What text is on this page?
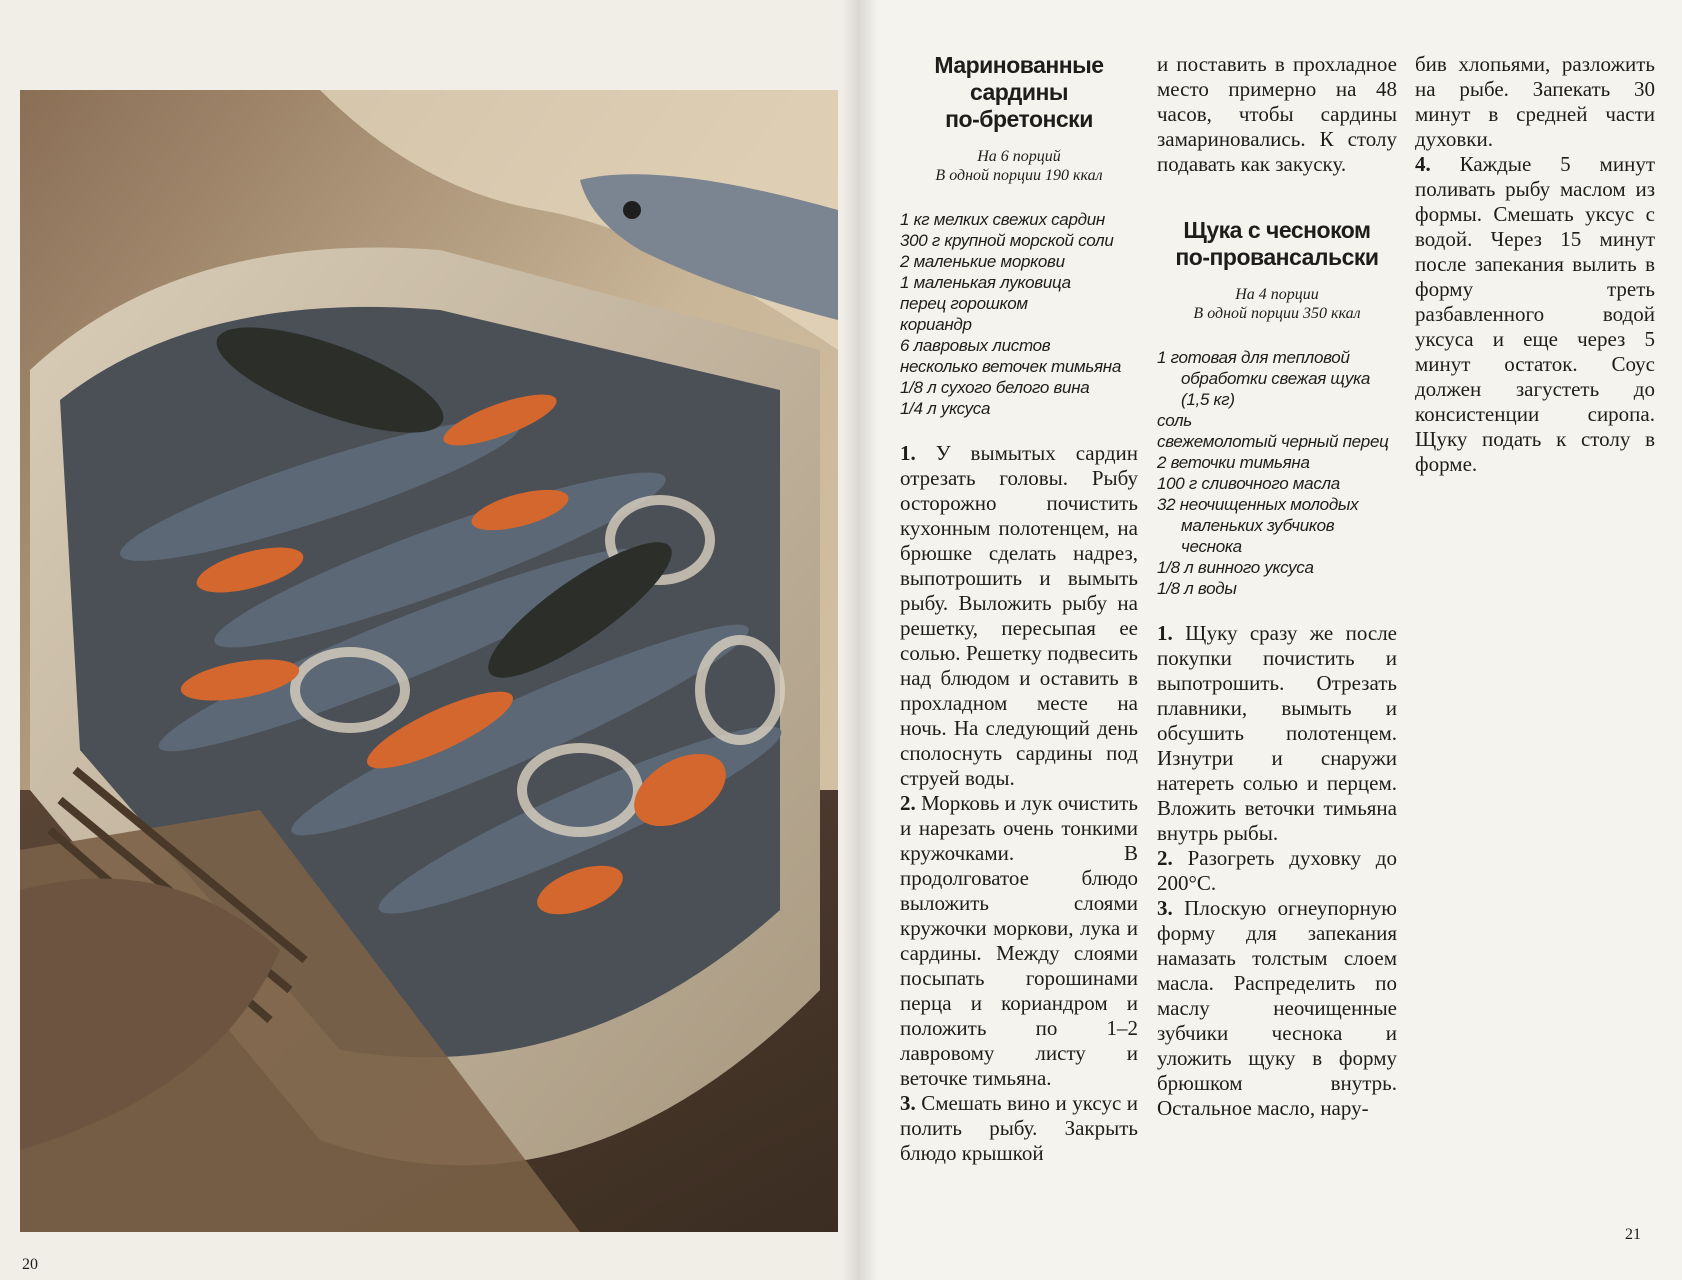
20
Маринованные
сардины
по-бретонски
На 6 порций
В одной порции 190 ккал
1 кг мелких свежих сардин
300 г крупной морской соли
2 маленькие моркови
1 маленькая луковица
перец горошком
кориандр
6 лавровых листов
несколько веточек тимьяна
1/8 л сухого белого вина
1/4 л уксуса

1. У вымытых сардин отрезать головы. Рыбу осторожно почистить кухонным полотенцем, на брюшке сделать надрез, выпотрошить и вымыть рыбу. Выложить рыбу на решетку, пересыпая ее солью. Решетку подвесить над блюдом и оставить в прохладном месте на ночь. На следующий день сполоснуть сардины под струей воды.

2. Морковь и лук очистить и нарезать очень тонкими кружочками. В продолговатое блюдо выложить слоями кружочки моркови, лука и сардины. Между слоями посыпать горошинами перца и кориандром и положить по 1–2 лавровому листу и веточке тимьяна.

3. Смешать вино и уксус и полить рыбу. Закрыть блюдо крышкой

и поставить в прохладное место примерно на 48 часов, чтобы сардины замариновались. К столу подавать как закуску.

Щука с чесноком
по-провансальски
На 4 порции
В одной порции 350 ккал
1 готовая для тепловой обработки свежая щука (1,5 кг)
соль
свежемолотый черный перец
2 веточки тимьяна
100 г сливочного масла
32 неочищенных молодых маленьких зубчиков чеснока
1/8 л винного уксуса
1/8 л воды

1. Щуку сразу же после покупки почистить и выпотрошить. Отрезать плавники, вымыть и обсушить полотенцем. Изнутри и снаружи натереть солью и перцем. Вложить веточки тимьяна внутрь рыбы.

2. Разогреть духовку до 200°С.

3. Плоскую огнеупорную форму для запекания намазать толстым слоем масла. Распределить по маслу неочищенные зубчики чеснока и уложить щуку в форму брюшком внутрь. Остальное масло, нару-

бив хлопьями, разложить на рыбе. Запекать 30 минут в средней части духовки.

4. Каждые 5 минут поливать рыбу маслом из формы. Смешать уксус с водой. Через 15 минут после запекания вылить в форму треть разбавленного водой уксуса и еще через 5 минут остаток. Соус должен загустеть до консистенции сиропа. Щуку подать к столу в форме.

21
